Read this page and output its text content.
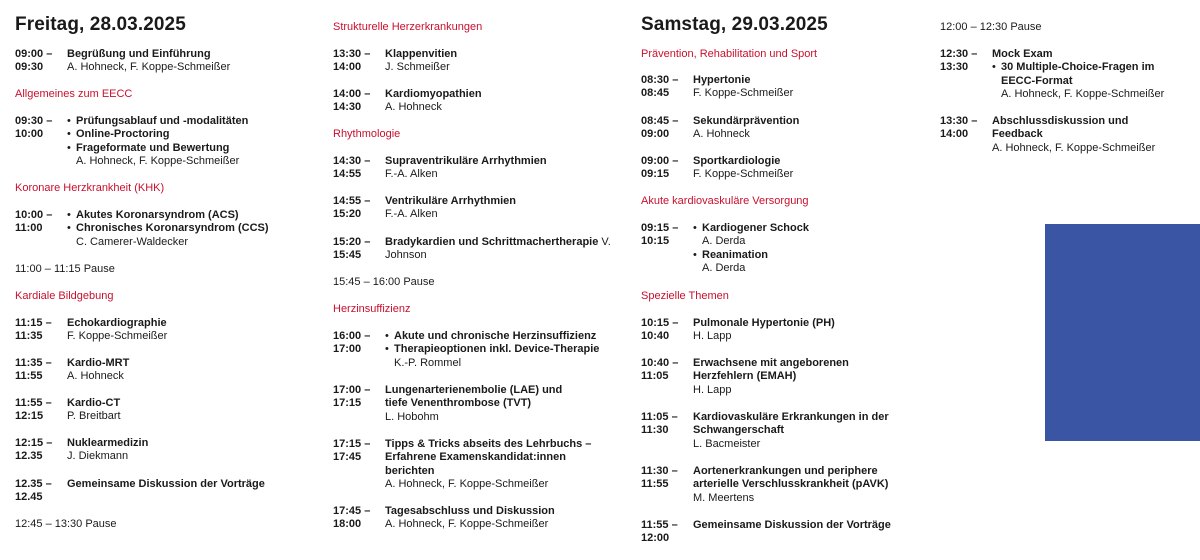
Freitag, 28.03.2025
09:00 –
09:30
Begrüßung und Einführung
A. Hohneck, F. Koppe-Schmeißer
Allgemeines zum EECC
09:30 –
10:00
• Prüfungsablauf und -modalitäten
• Online-Proctoring
• Frageformate und Bewertung
A. Hohneck, F. Koppe-Schmeißer
Koronare Herzkrankheit (KHK)
10:00 –
11:00
• Akutes Koronarsyndrom (ACS)
• Chronisches Koronarsyndrom (CCS)
C. Camerer-Waldecker
11:00 – 11:15 Pause
Kardiale Bildgebung
11:15 –
11:35
Echokardiographie
F. Koppe-Schmeißer
11:35 –
11:55
Kardio-MRT
A. Hohneck
11:55 –
12:15
Kardio-CT
P. Breitbart
12:15 –
12.35
Nuklearmedizin
J. Diekmann
12.35 –
12.45
Gemeinsame Diskussion der Vorträge
12:45 – 13:30 Pause
Strukturelle Herzerkrankungen
13:30 –
14:00
Klappenvitien
J. Schmeißer
14:00 –
14:30
Kardiomyopathien
A. Hohneck
Rhythmologie
14:30 –
14:55
Supraventrikuläre Arrhythmien
F.-A. Alken
14:55 –
15:20
Ventrikuläre Arrhythmien
F.-A. Alken
15:20 –
15:45
Bradykardien und Schrittmachertherapie V.
Johnson
15:45 – 16:00 Pause
Herzinsuffizienz
16:00 –
17:00
• Akute und chronische Herzinsuffizienz
• Therapieoptionen inkl. Device-Therapie
K.-P. Rommel
17:00 –
17:15
Lungenarterienembolie (LAE) und
tiefe Venenthrombose (TVT)
L. Hobohm
17:15 –
17:45
Tipps & Tricks abseits des Lehrbuchs –
Erfahrene Examenskandidat:innen
berichten
A. Hohneck, F. Koppe-Schmeißer
17:45 –
18:00
Tagesabschluss und Diskussion
A. Hohneck, F. Koppe-Schmeißer
Samstag, 29.03.2025
Prävention, Rehabilitation und Sport
08:30 –
08:45
Hypertonie
F. Koppe-Schmeißer
08:45 –
09:00
Sekundärprävention
A. Hohneck
09:00 –
09:15
Sportkardiologie
F. Koppe-Schmeißer
Akute kardiovaskuläre Versorgung
09:15 –
10:15
• Kardiogener Schock
A. Derda
• Reanimation
A. Derda
Spezielle Themen
10:15 –
10:40
Pulmonale Hypertonie (PH)
H. Lapp
10:40 –
11:05
Erwachsene mit angeborenen
Herzfehlern (EMAH)
H. Lapp
11:05 –
11:30
Kardiovaskuläre Erkrankungen in der
Schwangerschaft
L. Bacmeister
11:30 –
11:55
Aortenerkrankungen und periphere
arterielle Verschlusskrankheit (pAVK)
M. Meertens
11:55 –
12:00
Gemeinsame Diskussion der Vorträge
12:00 – 12:30 Pause
12:30 –
13:30
Mock Exam
• 30 Multiple-Choice-Fragen im
EECC-Format
A. Hohneck, F. Koppe-Schmeißer
13:30 –
14:00
Abschlussdiskussion und Feedback
A. Hohneck, F. Koppe-Schmeißer
